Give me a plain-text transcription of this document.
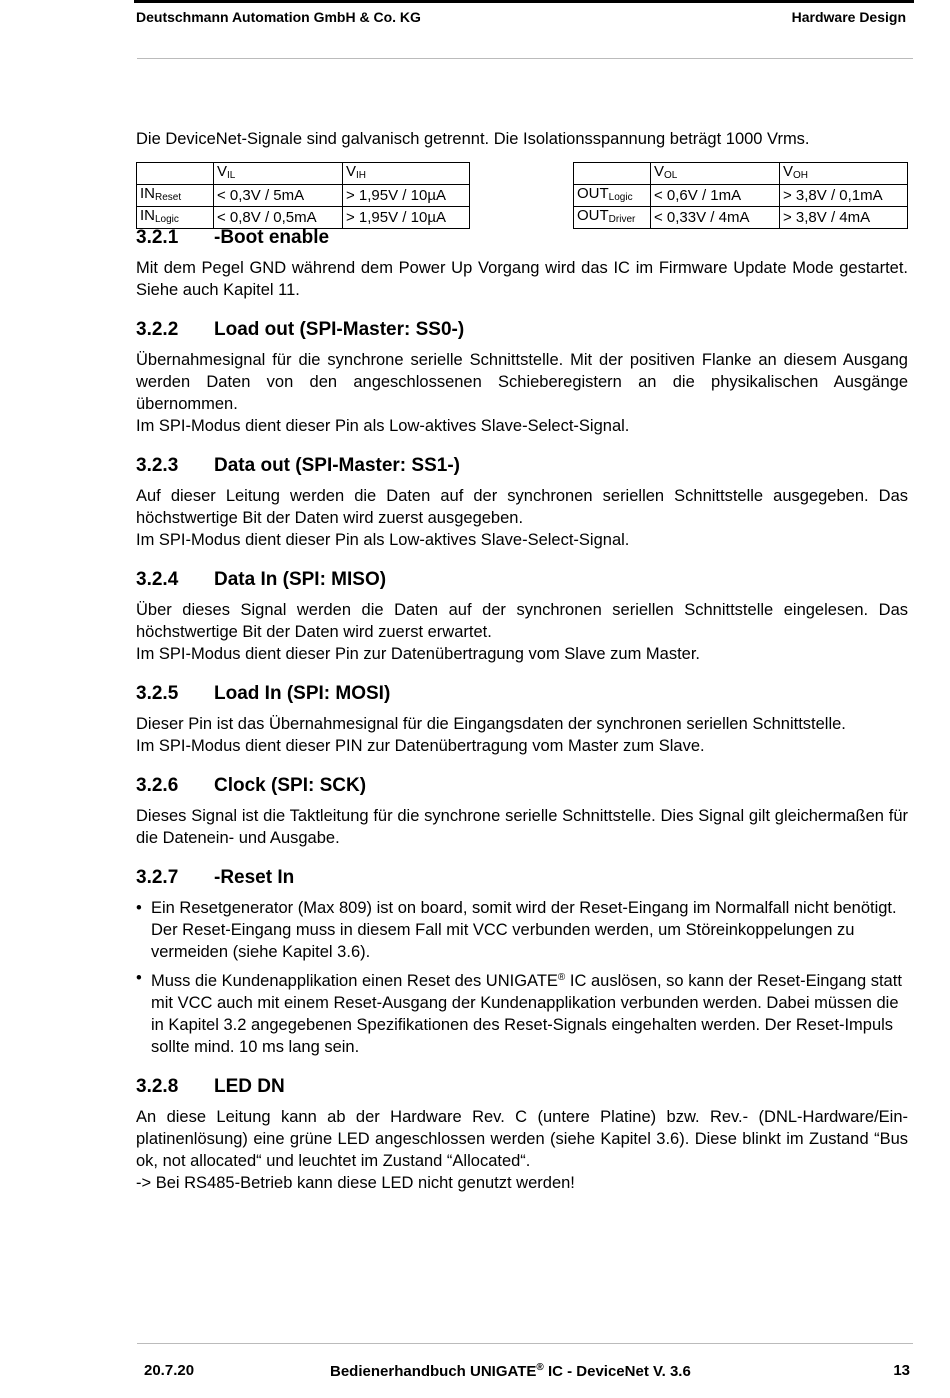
Deutschmann Automation GmbH & Co. KG	Hardware Design

Die DeviceNet-Signale sind galvanisch getrennt. Die Isolationsspannung beträgt 1000 Vrms.

	$V_{IL}$	$V_{IH}$
$IN_{Reset}$	< 0,3V / 5mA	> 1,95V / 10µA
$IN_{Logic}$	< 0,8V / 0,5mA	> 1,95V / 10µA
	$V_{OL}$	$V_{OH}$
$OUT_{Logic}$	< 0,6V / 1mA	> 3,8V / 0,1mA
$OUT_{Driver}$	< 0,33V / 4mA	> 3,8V / 4mA
3.2.1 -Boot enable

Mit dem Pegel GND während dem Power Up Vorgang wird das IC im Firmware Update Mode gestartet. Siehe auch Kapitel 11.

3.2.2 Load out (SPI-Master: SS0-)

Übernahmesignal für die synchrone serielle Schnittstelle. Mit der positiven Flanke an diesem Ausgang werden Daten von den angeschlossenen Schieberegistern an die physikalischen Ausgänge übernommen.

Im SPI-Modus dient dieser Pin als Low-aktives Slave-Select-Signal.

3.2.3 Data out (SPI-Master: SS1-)

Auf dieser Leitung werden die Daten auf der synchronen seriellen Schnittstelle ausgegeben. Das höchstwertige Bit der Daten wird zuerst ausgegeben.

Im SPI-Modus dient dieser Pin als Low-aktives Slave-Select-Signal.

3.2.4 Data In (SPI: MISO)

Über dieses Signal werden die Daten auf der synchronen seriellen Schnittstelle eingelesen. Das höchstwertige Bit der Daten wird zuerst erwartet.

Im SPI-Modus dient dieser Pin zur Datenübertragung vom Slave zum Master.

3.2.5 Load In (SPI: MOSI)

Dieser Pin ist das Übernahmesignal für die Eingangsdaten der synchronen seriellen Schnittstelle.

Im SPI-Modus dient dieser PIN zur Datenübertragung vom Master zum Slave.

3.2.6 Clock (SPI: SCK)

Dieses Signal ist die Taktleitung für die synchrone serielle Schnittstelle. Dies Signal gilt gleichermaßen für die Datenein- und Ausgabe.

3.2.7 -Reset In
• Ein Resetgenerator (Max 809) ist on board, somit wird der Reset-Eingang im Normalfall nicht benötigt. Der Reset-Eingang muss in diesem Fall mit VCC verbunden werden, um Störeinkoppelungen zu vermeiden (siehe Kapitel 3.6).
• Muss die Kundenapplikation einen Reset des UNIGATE® IC auslösen, so kann der Reset-Eingang statt mit VCC auch mit einem Reset-Ausgang der Kundenapplikation verbunden werden. Dabei müssen die in Kapitel 3.2 angegebenen Spezifikationen des Reset-Signals eingehalten werden. Der Reset-Impuls sollte mind. 10 ms lang sein.
3.2.8 LED DN

An diese Leitung kann ab der Hardware Rev. C (untere Platine) bzw. Rev.- (DNL-Hardware/Einplatinenlösung) eine grüne LED angeschlossen werden (siehe Kapitel 3.6). Diese blinkt im Zustand “Bus ok, not allocated“ und leuchtet im Zustand “Allocated“.

-> Bei RS485-Betrieb kann diese LED nicht genutzt werden!

20.7.20	Bedienerhandbuch UNIGATE® IC - DeviceNet V. 3.6	13
